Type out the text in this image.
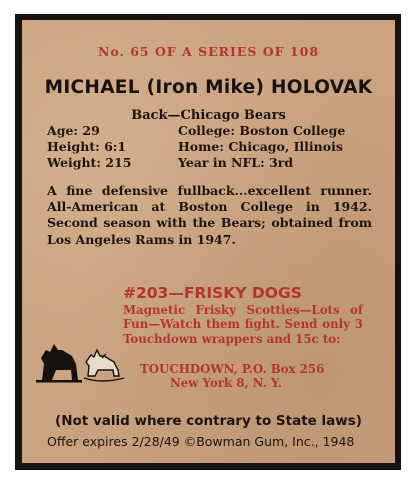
No. 65 OF A SERIES OF 108
MICHAEL (Iron Mike) HOLOVAK
Back—Chicago Bears
Age: 29
Height: 6:1
Weight: 215
College: Boston College
Home: Chicago, Illinois
Year in NFL: 3rd
A fine defensive fullback...excellent runner. All-American at Boston College in 1942. Second season with the Bears; obtained from Los Angeles Rams in 1947.
#203—FRISKY DOGS
Magnetic Frisky Scotties—Lots of Fun—Watch them fight. Send only 3 Touchdown wrappers and 15c to:
TOUCHDOWN, P.O. Box 256
New York 8, N. Y.
(Not valid where contrary to State laws)
Offer expires 2/28/49 ©Bowman Gum, Inc., 1948
